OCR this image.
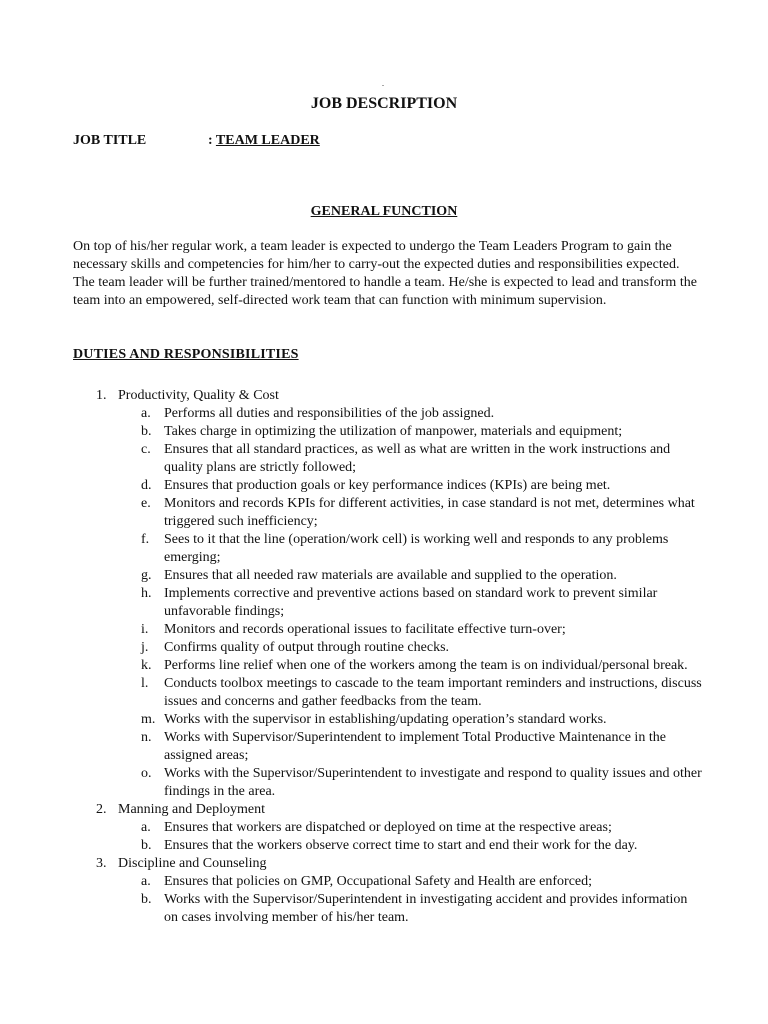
.
JOB DESCRIPTION
JOB TITLE	: TEAM LEADER
GENERAL FUNCTION

On top of his/her regular work, a team leader is expected to undergo the Team Leaders Program to gain the necessary skills and competencies for him/her to carry-out the expected duties and responsibilities expected. The team leader will be further trained/mentored to handle a team. He/she is expected to lead and transform the team into an empowered, self-directed work team that can function with minimum supervision.

DUTIES AND RESPONSIBILITIES
1. Productivity, Quality & Cost
a. Performs all duties and responsibilities of the job assigned.
b. Takes charge in optimizing the utilization of manpower, materials and equipment;
c. Ensures that all standard practices, as well as what are written in the work instructions and quality plans are strictly followed;
d. Ensures that production goals or key performance indices (KPIs) are being met.
e. Monitors and records KPIs for different activities, in case standard is not met, determines what triggered such inefficiency;
f. Sees to it that the line (operation/work cell) is working well and responds to any problems emerging;
g. Ensures that all needed raw materials are available and supplied to the operation.
h. Implements corrective and preventive actions based on standard work to prevent similar unfavorable findings;
i. Monitors and records operational issues to facilitate effective turn-over;
j. Confirms quality of output through routine checks.
k. Performs line relief when one of the workers among the team is on individual/personal break.
l. Conducts toolbox meetings to cascade to the team important reminders and instructions, discuss issues and concerns and gather feedbacks from the team.
m. Works with the supervisor in establishing/updating operation’s standard works.
n. Works with Supervisor/Superintendent to implement Total Productive Maintenance in the assigned areas;
o. Works with the Supervisor/Superintendent to investigate and respond to quality issues and other findings in the area.
2. Manning and Deployment
a. Ensures that workers are dispatched or deployed on time at the respective areas;
b. Ensures that the workers observe correct time to start and end their work for the day.
3. Discipline and Counseling
a. Ensures that policies on GMP, Occupational Safety and Health are enforced;
b. Works with the Supervisor/Superintendent in investigating accident and provides information on cases involving member of his/her team.
